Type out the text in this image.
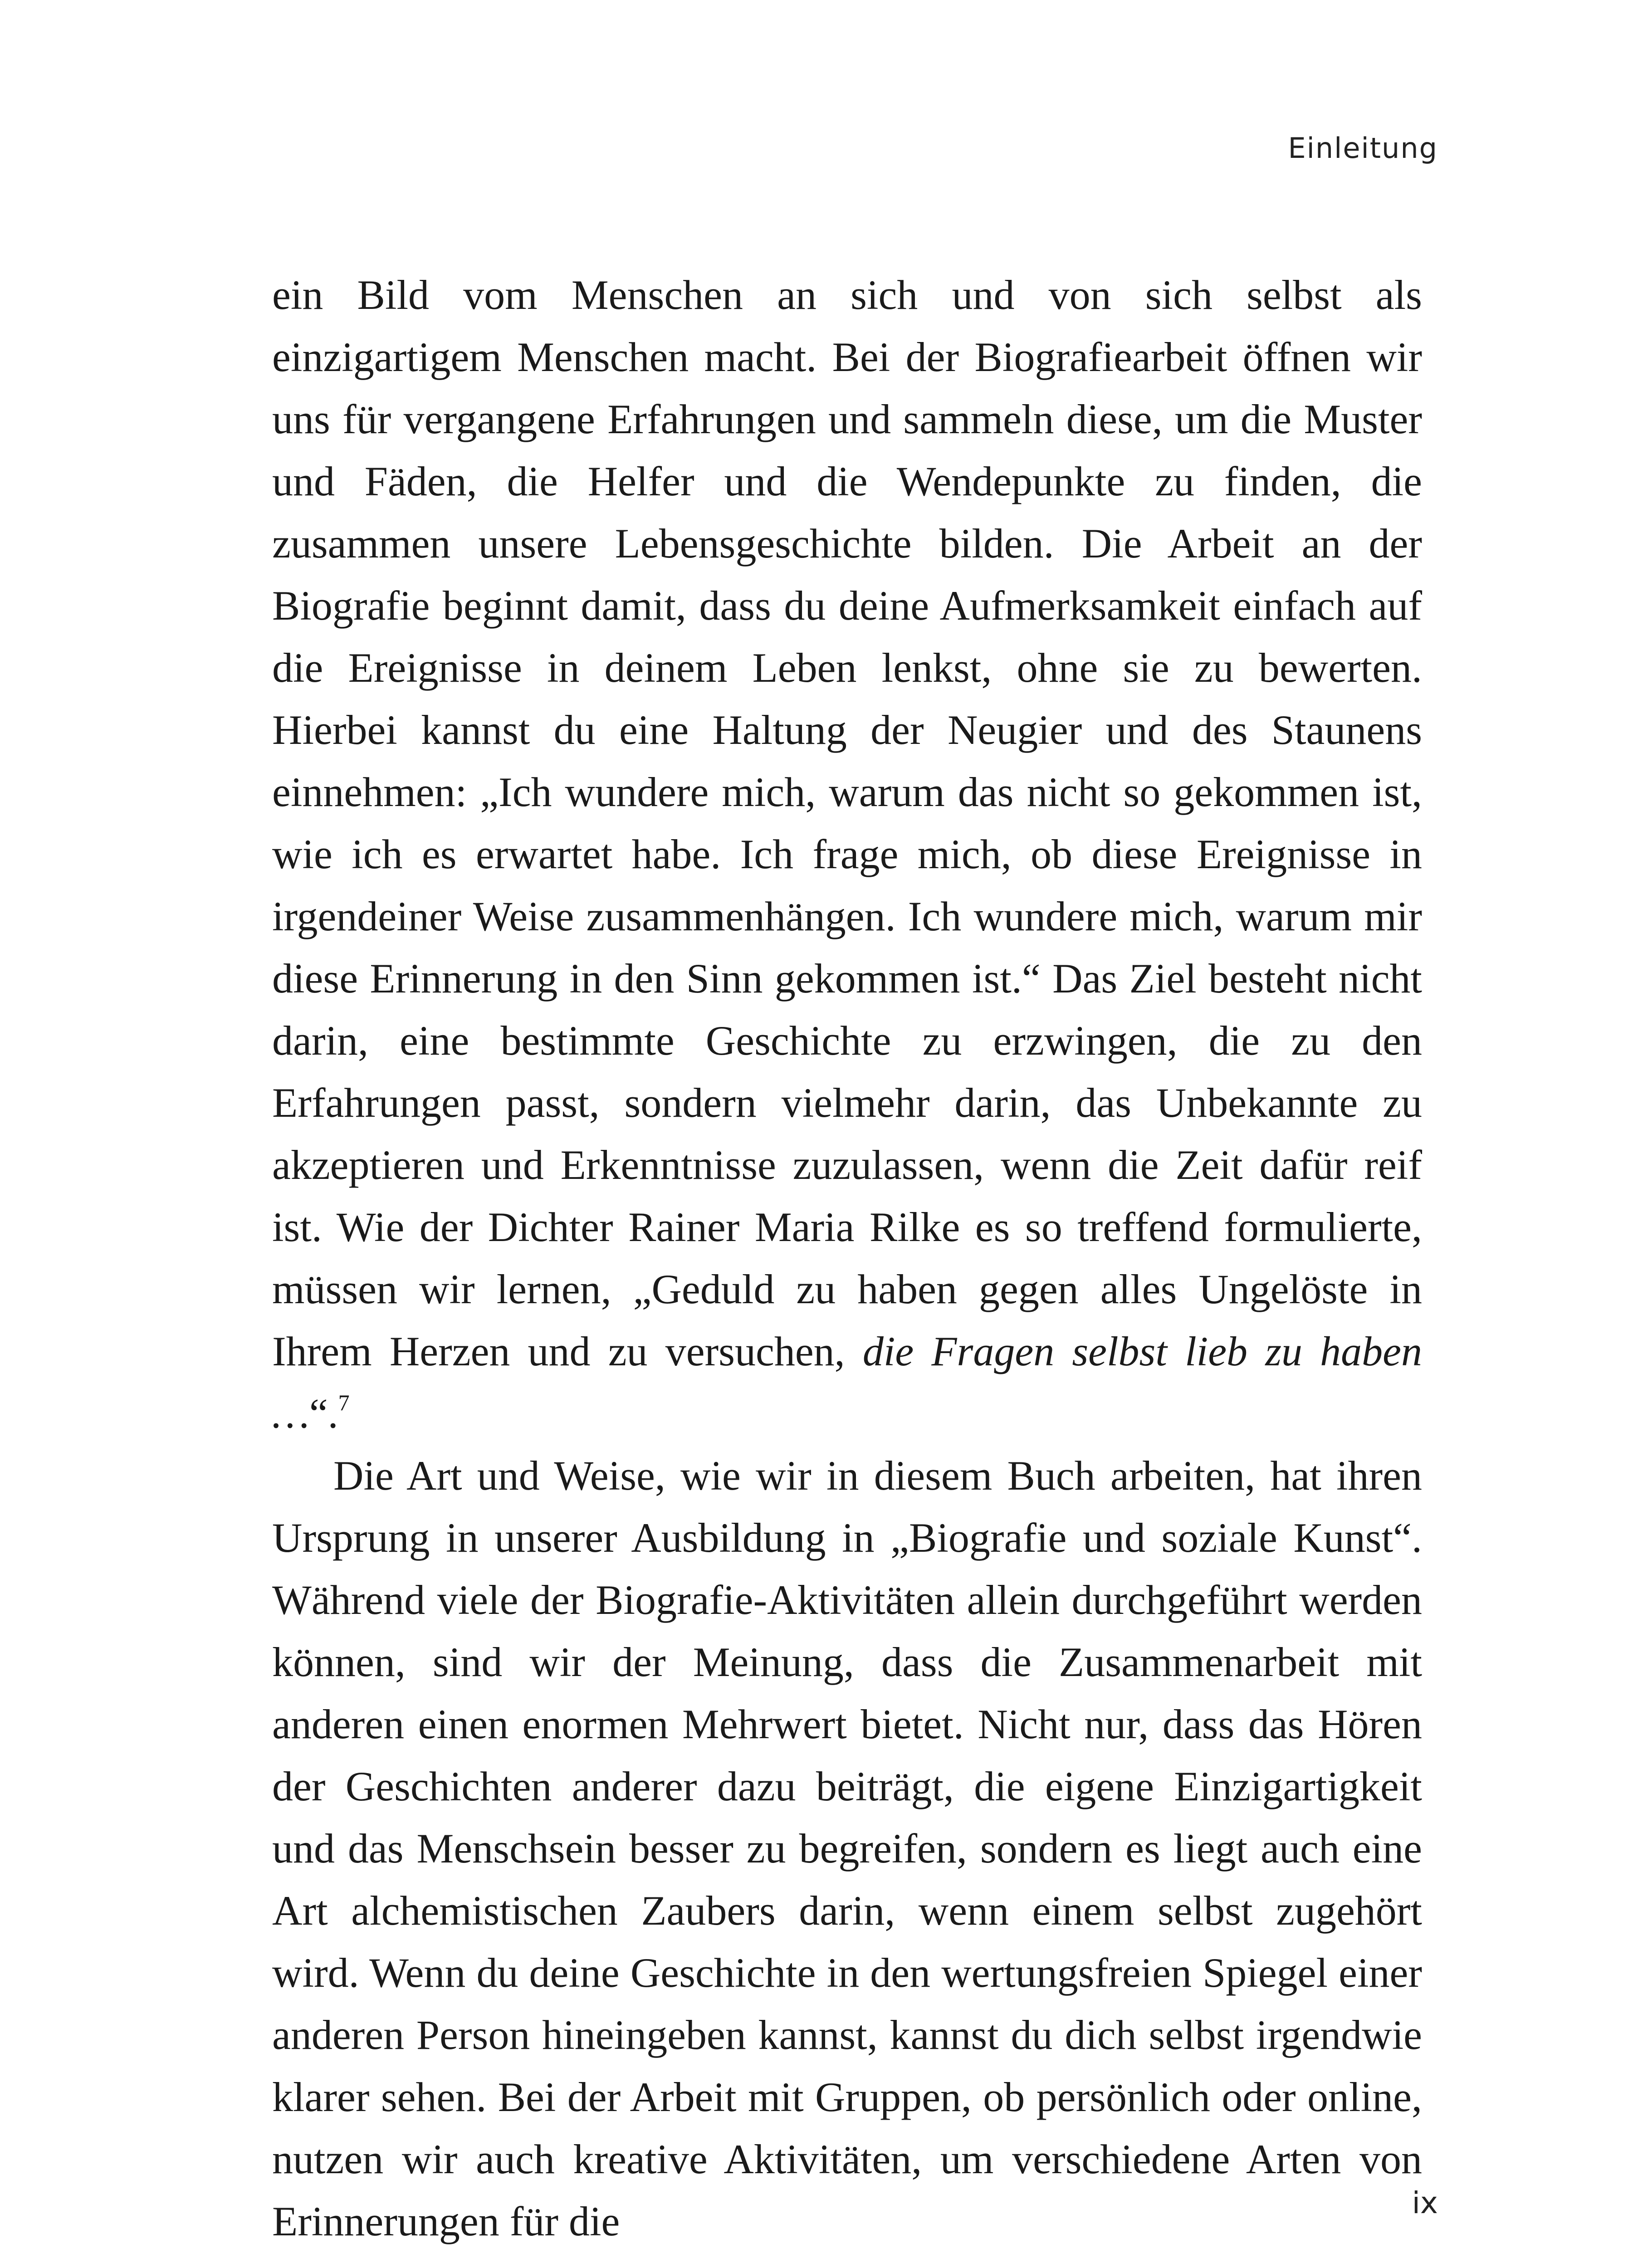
Einleitung

ein Bild vom Menschen an sich und von sich selbst als einzigartigem Menschen macht. Bei der Biografiearbeit öffnen wir uns für vergangene Erfahrungen und sammeln diese, um die Muster und Fäden, die Helfer und die Wendepunkte zu finden, die zusammen unsere Lebensgeschichte bilden. Die Arbeit an der Biografie beginnt damit, dass du deine Aufmerksamkeit einfach auf die Ereignisse in deinem Leben lenkst, ohne sie zu bewerten. Hierbei kannst du eine Haltung der Neugier und des Staunens einnehmen: „Ich wundere mich, warum das nicht so gekommen ist, wie ich es erwartet habe. Ich frage mich, ob diese Ereignisse in irgendeiner Weise zusammenhängen. Ich wundere mich, warum mir diese Erinnerung in den Sinn gekommen ist.“ Das Ziel besteht nicht darin, eine bestimmte Geschichte zu erzwingen, die zu den Erfahrungen passt, sondern vielmehr darin, das Unbekannte zu akzeptieren und Erkenntnisse zuzulassen, wenn die Zeit dafür reif ist. Wie der Dichter Rainer Maria Rilke es so treffend formulierte, müssen wir lernen, „Geduld zu haben gegen alles Ungelöste in Ihrem Herzen und zu versuchen, die Fragen selbst lieb zu haben …“.$^7$

Die Art und Weise, wie wir in diesem Buch arbeiten, hat ihren Ursprung in unserer Ausbildung in „Biografie und soziale Kunst“. Während viele der Biografie-Aktivitäten allein durchgeführt werden können, sind wir der Meinung, dass die Zusammenarbeit mit anderen einen enormen Mehrwert bietet. Nicht nur, dass das Hören der Geschichten anderer dazu beiträgt, die eigene Einzigartigkeit und das Menschsein besser zu begreifen, sondern es liegt auch eine Art alchemistischen Zaubers darin, wenn einem selbst zugehört wird. Wenn du deine Geschichte in den wertungsfreien Spiegel einer anderen Person hineingeben kannst, kannst du dich selbst irgendwie klarer sehen. Bei der Arbeit mit Gruppen, ob persönlich oder online, nutzen wir auch kreative Aktivitäten, um verschiedene Arten von Erinnerungen für die	ix
